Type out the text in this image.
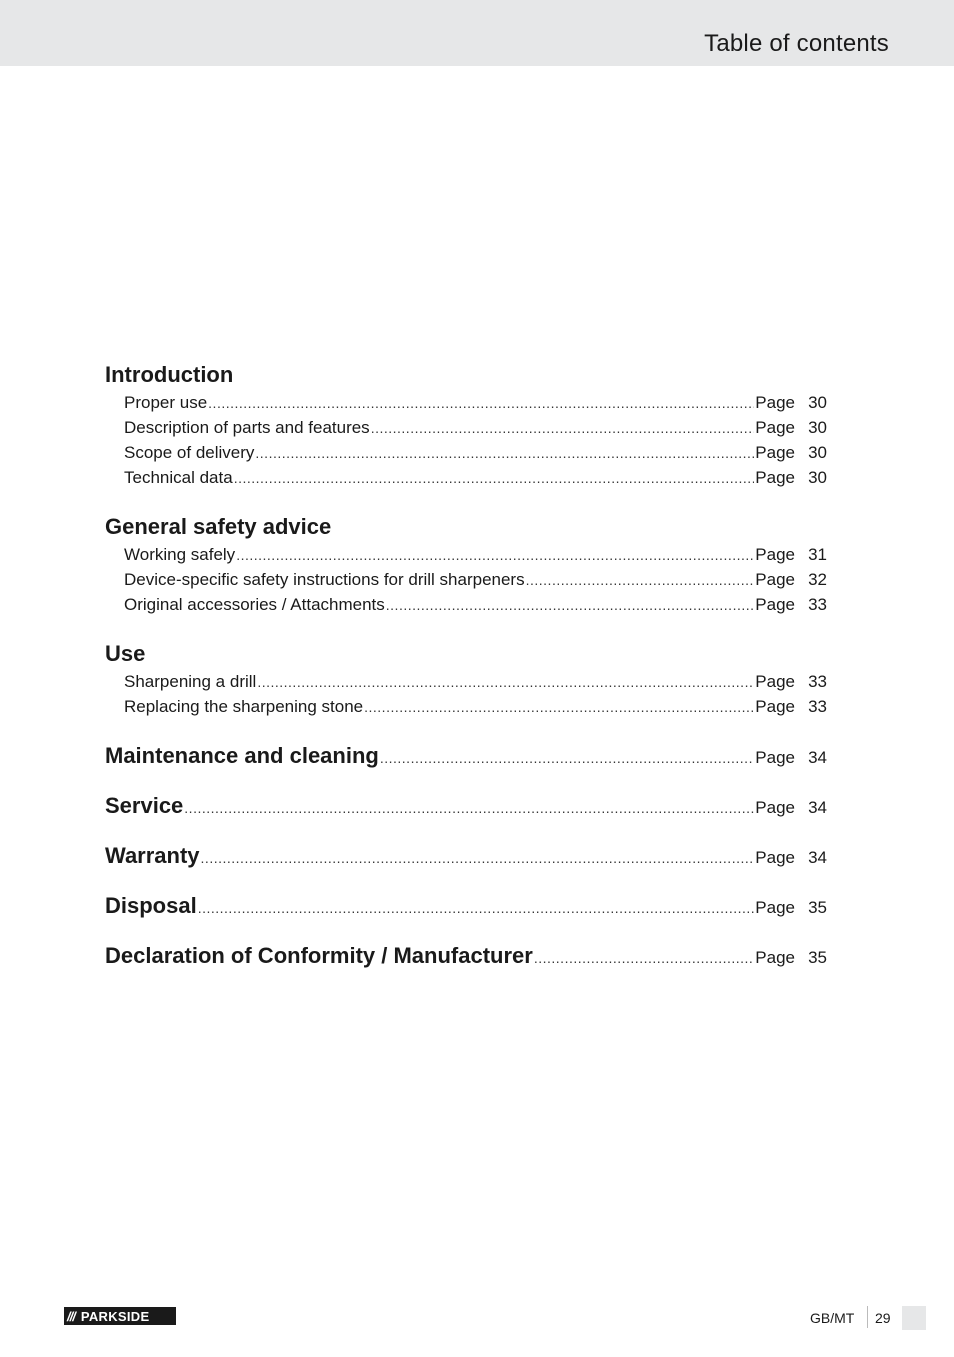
Table of contents
Introduction
Proper use .....	Page 30
Description of parts and features .....	Page 30
Scope of delivery .....	Page 30
Technical data .....	Page 30
General safety advice
Working safely .....	Page 31
Device-specific safety instructions for drill sharpeners .....	Page 32
Original accessories / Attachments .....	Page 33
Use
Sharpening a drill .....	Page 33
Replacing the sharpening stone .....	Page 33
Maintenance and cleaning .....	Page 34
Service .....	Page 34
Warranty .....	Page 34
Disposal .....	Page 35
Declaration of Conformity / Manufacturer .....	Page 35
/// PARKSIDE	GB/MT 29
